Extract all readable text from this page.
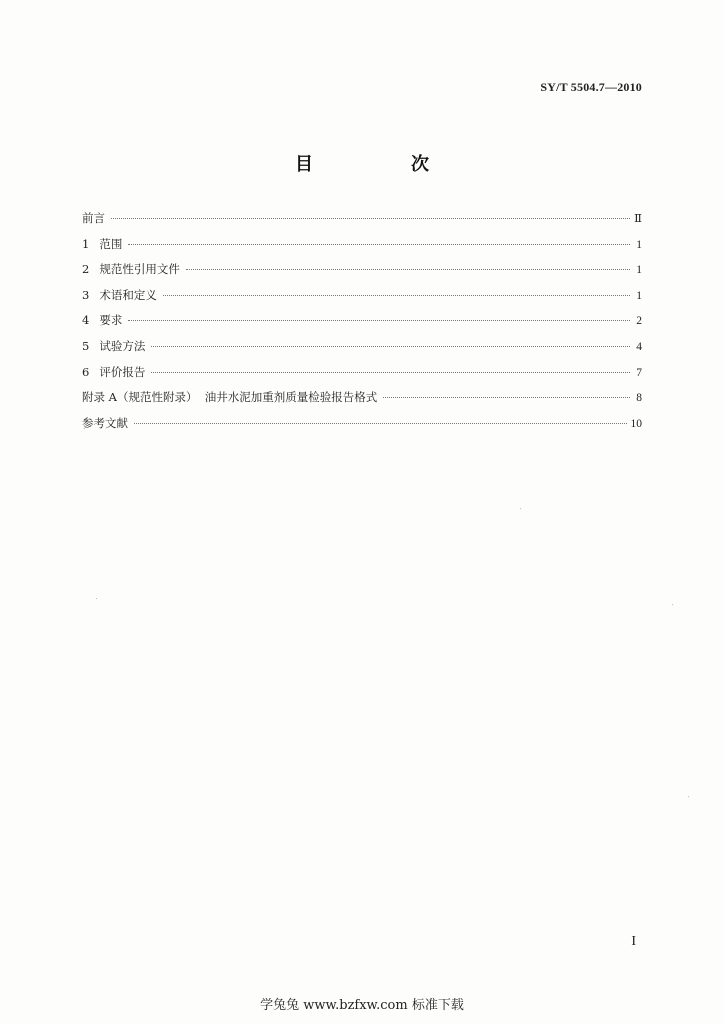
SY/T 5504.7—2010
目　次
前言	Ⅱ
1 范围	1
2 规范性引用文件	1
3 术语和定义	1
4 要求	2
5 试验方法	4
6 评价报告	7
附录 A（规范性附录）  油井水泥加重剂质量检验报告格式	8
参考文献	10
I
学兔兔 www.bzfxw.com 标准下载
